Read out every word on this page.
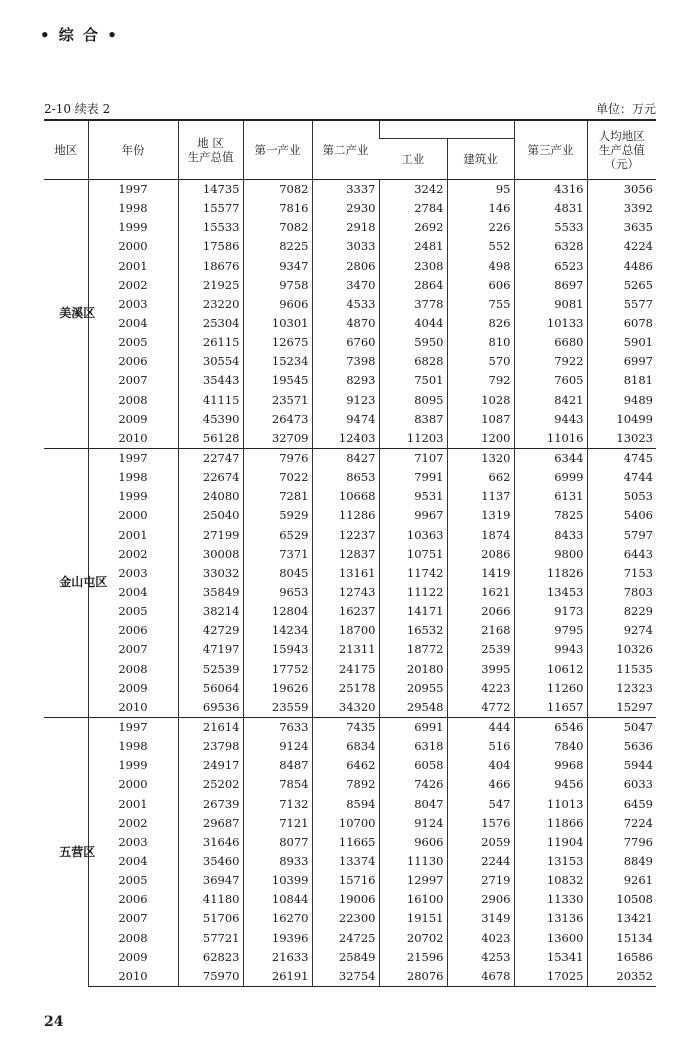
• 综 合 •
2-10 续表 2	单位：万元
地区	年份	地 区
生产总值	第一产业	第二产业			第三产业	人均地区
生产总值
（元）
					工业	建筑业		
美溪区	1997	14735	7082	3337	3242	95	4316	3056
	1998	15577	7816	2930	2784	146	4831	3392
	1999	15533	7082	2918	2692	226	5533	3635
	2000	17586	8225	3033	2481	552	6328	4224
	2001	18676	9347	2806	2308	498	6523	4486
	2002	21925	9758	3470	2864	606	8697	5265
	2003	23220	9606	4533	3778	755	9081	5577
	2004	25304	10301	4870	4044	826	10133	6078
	2005	26115	12675	6760	5950	810	6680	5901
	2006	30554	15234	7398	6828	570	7922	6997
	2007	35443	19545	8293	7501	792	7605	8181
	2008	41115	23571	9123	8095	1028	8421	9489
	2009	45390	26473	9474	8387	1087	9443	10499
	2010	56128	32709	12403	11203	1200	11016	13023
金山屯区	1997	22747	7976	8427	7107	1320	6344	4745
	1998	22674	7022	8653	7991	662	6999	4744
	1999	24080	7281	10668	9531	1137	6131	5053
	2000	25040	5929	11286	9967	1319	7825	5406
	2001	27199	6529	12237	10363	1874	8433	5797
	2002	30008	7371	12837	10751	2086	9800	6443
	2003	33032	8045	13161	11742	1419	11826	7153
	2004	35849	9653	12743	11122	1621	13453	7803
	2005	38214	12804	16237	14171	2066	9173	8229
	2006	42729	14234	18700	16532	2168	9795	9274
	2007	47197	15943	21311	18772	2539	9943	10326
	2008	52539	17752	24175	20180	3995	10612	11535
	2009	56064	19626	25178	20955	4223	11260	12323
	2010	69536	23559	34320	29548	4772	11657	15297
五营区	1997	21614	7633	7435	6991	444	6546	5047
	1998	23798	9124	6834	6318	516	7840	5636
	1999	24917	8487	6462	6058	404	9968	5944
	2000	25202	7854	7892	7426	466	9456	6033
	2001	26739	7132	8594	8047	547	11013	6459
	2002	29687	7121	10700	9124	1576	11866	7224
	2003	31646	8077	11665	9606	2059	11904	7796
	2004	35460	8933	13374	11130	2244	13153	8849
	2005	36947	10399	15716	12997	2719	10832	9261
	2006	41180	10844	19006	16100	2906	11330	10508
	2007	51706	16270	22300	19151	3149	13136	13421
	2008	57721	19396	24725	20702	4023	13600	15134
	2009	62823	21633	25849	21596	4253	15341	16586
	2010	75970	26191	32754	28076	4678	17025	20352
24
